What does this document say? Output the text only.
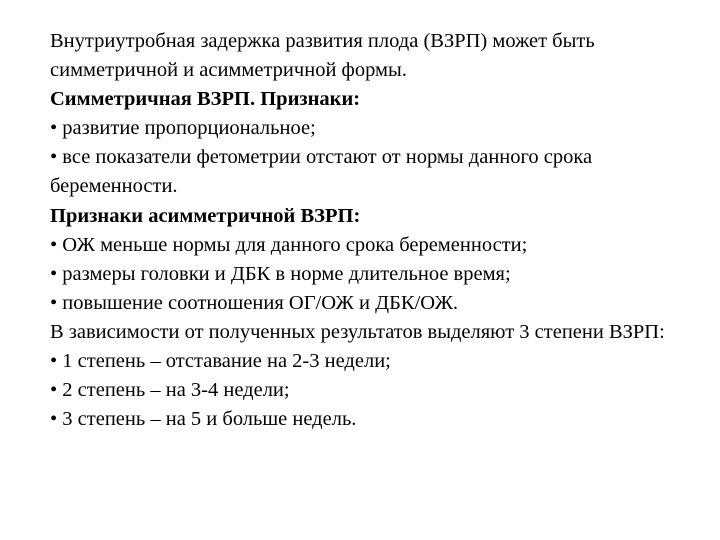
Внутриутробная задержка развития плода (ВЗРП) может быть симметричной и асимметричной формы.

Симметричная ВЗРП. Признаки:

• развитие пропорциональное;

• все показатели фетометрии отстают от нормы данного срока беременности.

Признаки асимметричной ВЗРП:

• ОЖ меньше нормы для данного срока беременности;

• размеры головки и ДБК в норме длительное время;

• повышение соотношения ОГ/ОЖ и ДБК/ОЖ.

В зависимости от полученных результатов выделяют 3 степени ВЗРП:

• 1 степень – отставание на 2-3 недели;

• 2 степень – на 3-4 недели;

• 3 степень – на 5 и больше недель.
